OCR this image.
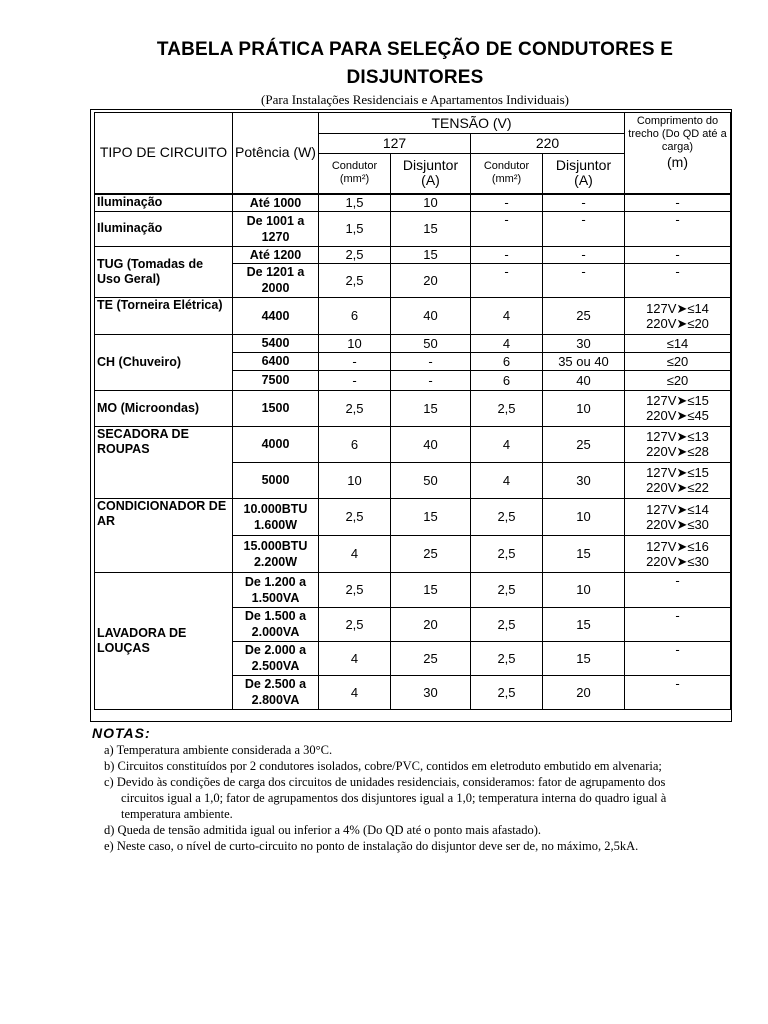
TABELA PRÁTICA PARA SELEÇÃO DE CONDUTORES E
DISJUNTORES
(Para Instalações Residenciais e Apartamentos Individuais)
TIPO DE CIRCUITO	Potência (W)	TENSÃO (V)				Comprimento do trecho (Do QD até a carga)
(m)
		127		220		
		Condutor (mm²)	Disjuntor (A)	Condutor (mm²)	Disjuntor (A)	
Iluminação	Até 1000	1,5	10	-	-	-
Iluminação	De 1001 a 1270	1,5	15	-	-	-
TUG (Tomadas de Uso Geral)	Até 1200	2,5	15	-	-	-
	De 1201 a 2000	2,5	20	-	-	-
TE (Torneira Elétrica)	4400	6	40	4	25	127V➤≤14
220V➤≤20

CH (Chuveiro)	5400	10	50	4	30	≤14
	6400	-	-	6	35 ou 40	≤20
	7500	-	-	6	40	≤20
MO (Microondas)	1500	2,5	15	2,5	10	127V➤≤15
220V➤≤45

SECADORA DE ROUPAS	4000	6	40	4	25	127V➤≤13
220V➤≤28

	5000	10	50	4	30	127V➤≤15
220V➤≤22

CONDICIONADOR DE AR	10.000BTU 1.600W	2,5	15	2,5	10	127V➤≤14
220V➤≤30

	15.000BTU 2.200W	4	25	2,5	15	127V➤≤16
220V➤≤30

LAVADORA DE LOUÇAS	De 1.200 a 1.500VA	2,5	15	2,5	10	-
	De 1.500 a 2.000VA	2,5	20	2,5	15	-
	De 2.000 a 2.500VA	4	25	2,5	15	-
	De 2.500 a 2.800VA	4	30	2,5	20	-
NOTAS:
a) Temperatura ambiente considerada a 30°C.
b) Circuitos constituídos por 2 condutores isolados, cobre/PVC, contidos em eletroduto embutido em alvenaria;
c) Devido às condições de carga dos circuitos de unidades residenciais, consideramos: fator de agrupamento dos circuitos igual a 1,0; fator de agrupamentos dos disjuntores igual a 1,0; temperatura interna do quadro igual à temperatura ambiente.
d) Queda de tensão admitida igual ou inferior a 4% (Do QD até o ponto mais afastado).
e) Neste caso, o nível de curto-circuito no ponto de instalação do disjuntor deve ser de, no máximo, 2,5kA.
